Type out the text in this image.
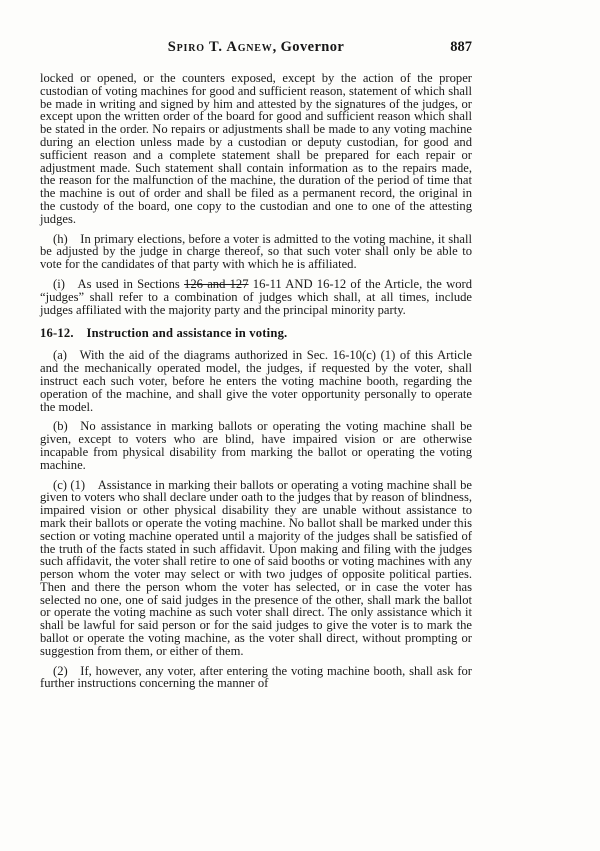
Spiro T. Agnew, Governor	887

locked or opened, or the counters exposed, except by the action of the proper custodian of voting machines for good and sufficient reason, statement of which shall be made in writing and signed by him and attested by the signatures of the judges, or except upon the written order of the board for good and sufficient reason which shall be stated in the order. No repairs or adjustments shall be made to any voting machine during an election unless made by a custodian or deputy custodian, for good and sufficient reason and a complete statement shall be prepared for each repair or adjustment made. Such statement shall contain information as to the repairs made, the reason for the malfunction of the machine, the duration of the period of time that the machine is out of order and shall be filed as a permanent record, the original in the custody of the board, one copy to the custodian and one to one of the attesting judges.

(h) In primary elections, before a voter is admitted to the voting machine, it shall be adjusted by the judge in charge thereof, so that such voter shall only be able to vote for the candidates of that party with which he is affiliated.

(i) As used in Sections 126 and 127 16-11 AND 16-12 of the Article, the word “judges” shall refer to a combination of judges which shall, at all times, include judges affiliated with the majority party and the principal minority party.

16-12. Instruction and assistance in voting.

(a) With the aid of the diagrams authorized in Sec. 16-10(c) (1) of this Article and the mechanically operated model, the judges, if requested by the voter, shall instruct each such voter, before he enters the voting machine booth, regarding the operation of the machine, and shall give the voter opportunity personally to operate the model.

(b) No assistance in marking ballots or operating the voting machine shall be given, except to voters who are blind, have impaired vision or are otherwise incapable from physical disability from marking the ballot or operating the voting machine.

(c) (1) Assistance in marking their ballots or operating a voting machine shall be given to voters who shall declare under oath to the judges that by reason of blindness, impaired vision or other physical disability they are unable without assistance to mark their ballots or operate the voting machine. No ballot shall be marked under this section or voting machine operated until a majority of the judges shall be satisfied of the truth of the facts stated in such affidavit. Upon making and filing with the judges such affidavit, the voter shall retire to one of said booths or voting machines with any person whom the voter may select or with two judges of opposite political parties. Then and there the person whom the voter has selected, or in case the voter has selected no one, one of said judges in the presence of the other, shall mark the ballot or operate the voting machine as such voter shall direct. The only assistance which it shall be lawful for said person or for the said judges to give the voter is to mark the ballot or operate the voting machine, as the voter shall direct, without prompting or suggestion from them, or either of them.

(2) If, however, any voter, after entering the voting machine booth, shall ask for further instructions concerning the manner of
